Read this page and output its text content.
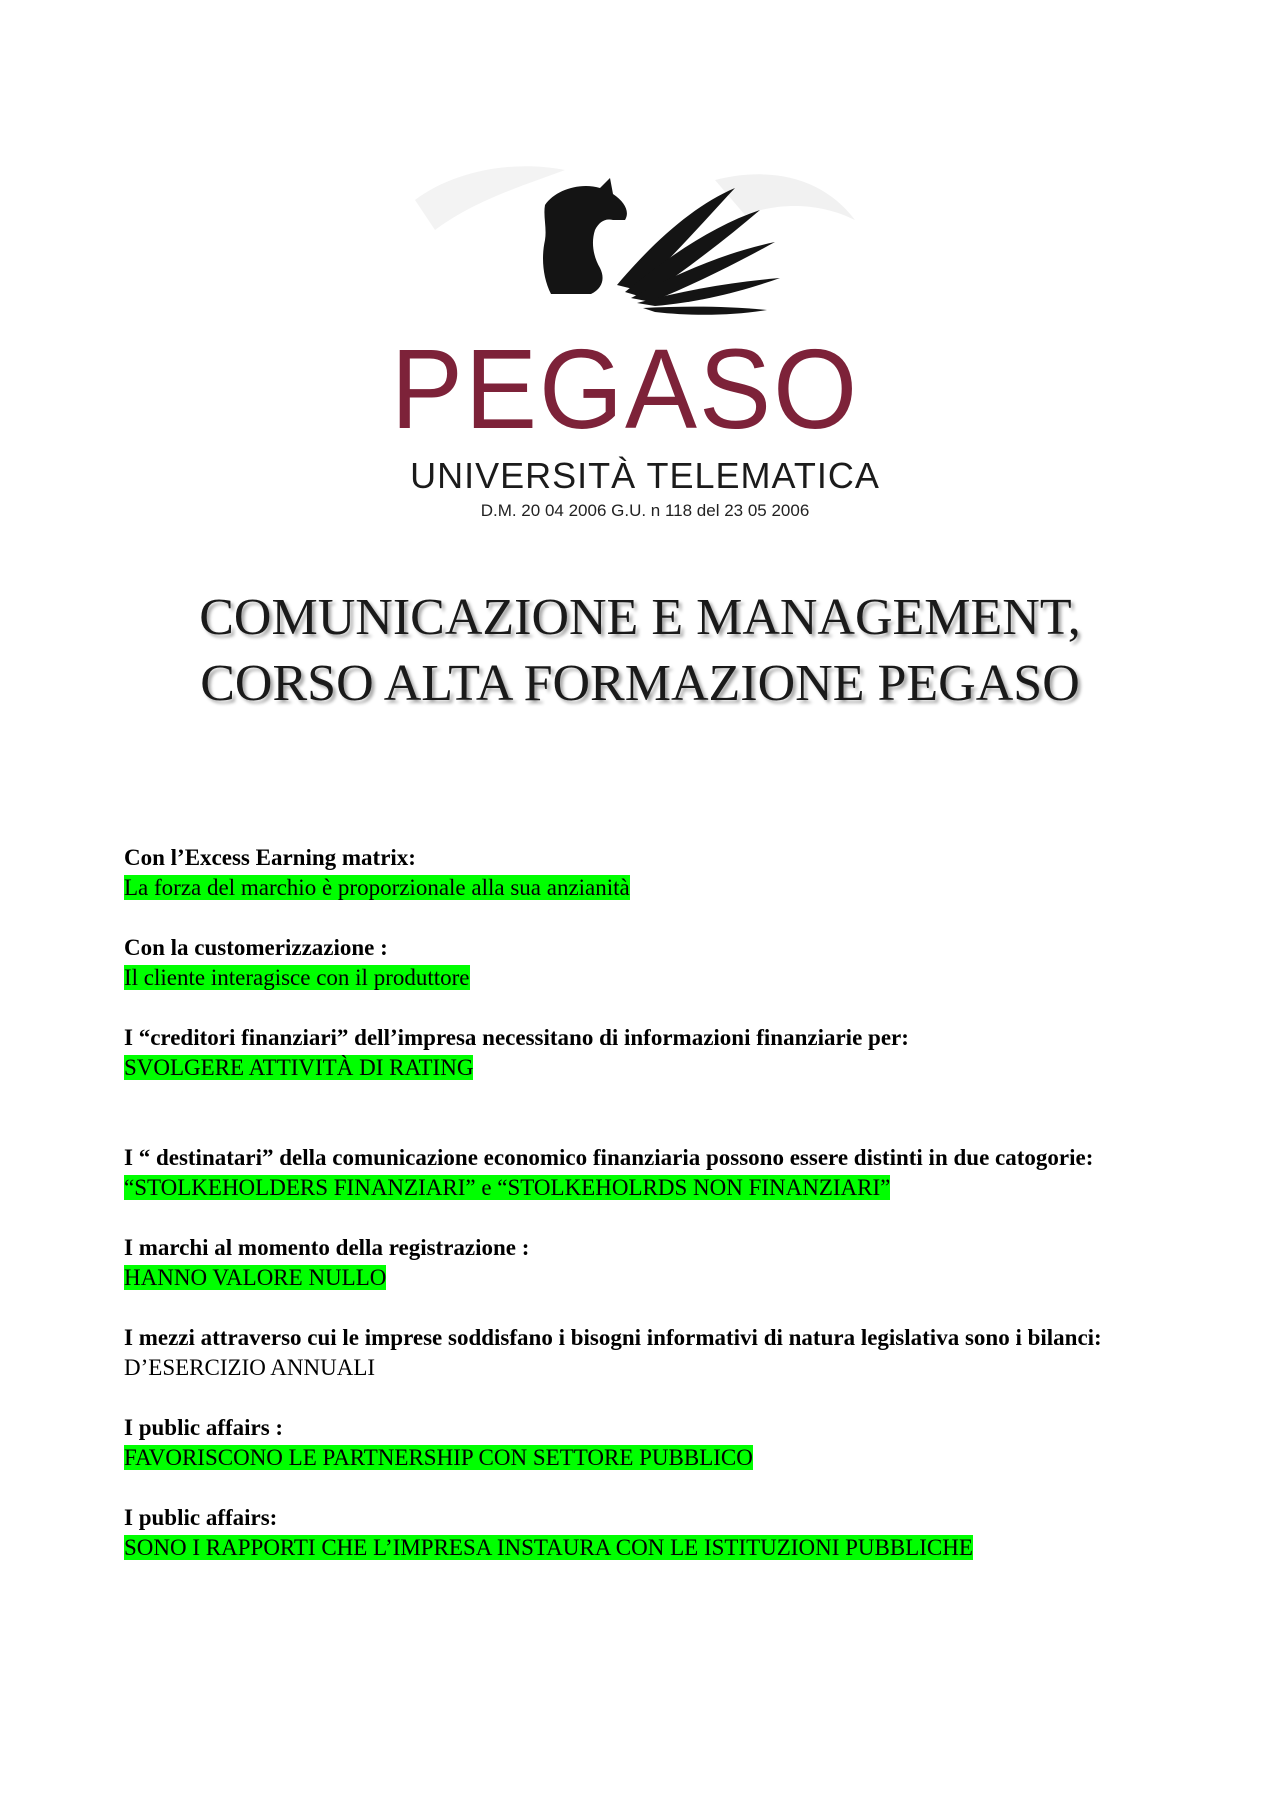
PEGASO
UNIVERSITÀ TELEMATICA
D.M. 20 04 2006 G.U. n 118 del 23 05 2006
COMUNICAZIONE E MANAGEMENT,
CORSO ALTA FORMAZIONE PEGASO
Con l’Excess Earning matrix:
La forza del marchio è proporzionale alla sua anzianità
Con la customerizzazione :
Il cliente interagisce con il produttore
I “creditori finanziari” dell’impresa necessitano di informazioni finanziarie per:
SVOLGERE ATTIVITÀ DI RATING
I “ destinatari” della comunicazione economico finanziaria possono essere distinti in due catogorie:
“STOLKEHOLDERS FINANZIARI” e “STOLKEHOLRDS NON FINANZIARI”
I marchi al momento della registrazione :
HANNO VALORE NULLO
I mezzi attraverso cui le imprese soddisfano i bisogni informativi di natura legislativa sono i bilanci:
D’ESERCIZIO ANNUALI
I public affairs :
FAVORISCONO LE PARTNERSHIP CON SETTORE PUBBLICO
I public affairs:
SONO I RAPPORTI CHE L’IMPRESA INSTAURA CON LE ISTITUZIONI PUBBLICHE
